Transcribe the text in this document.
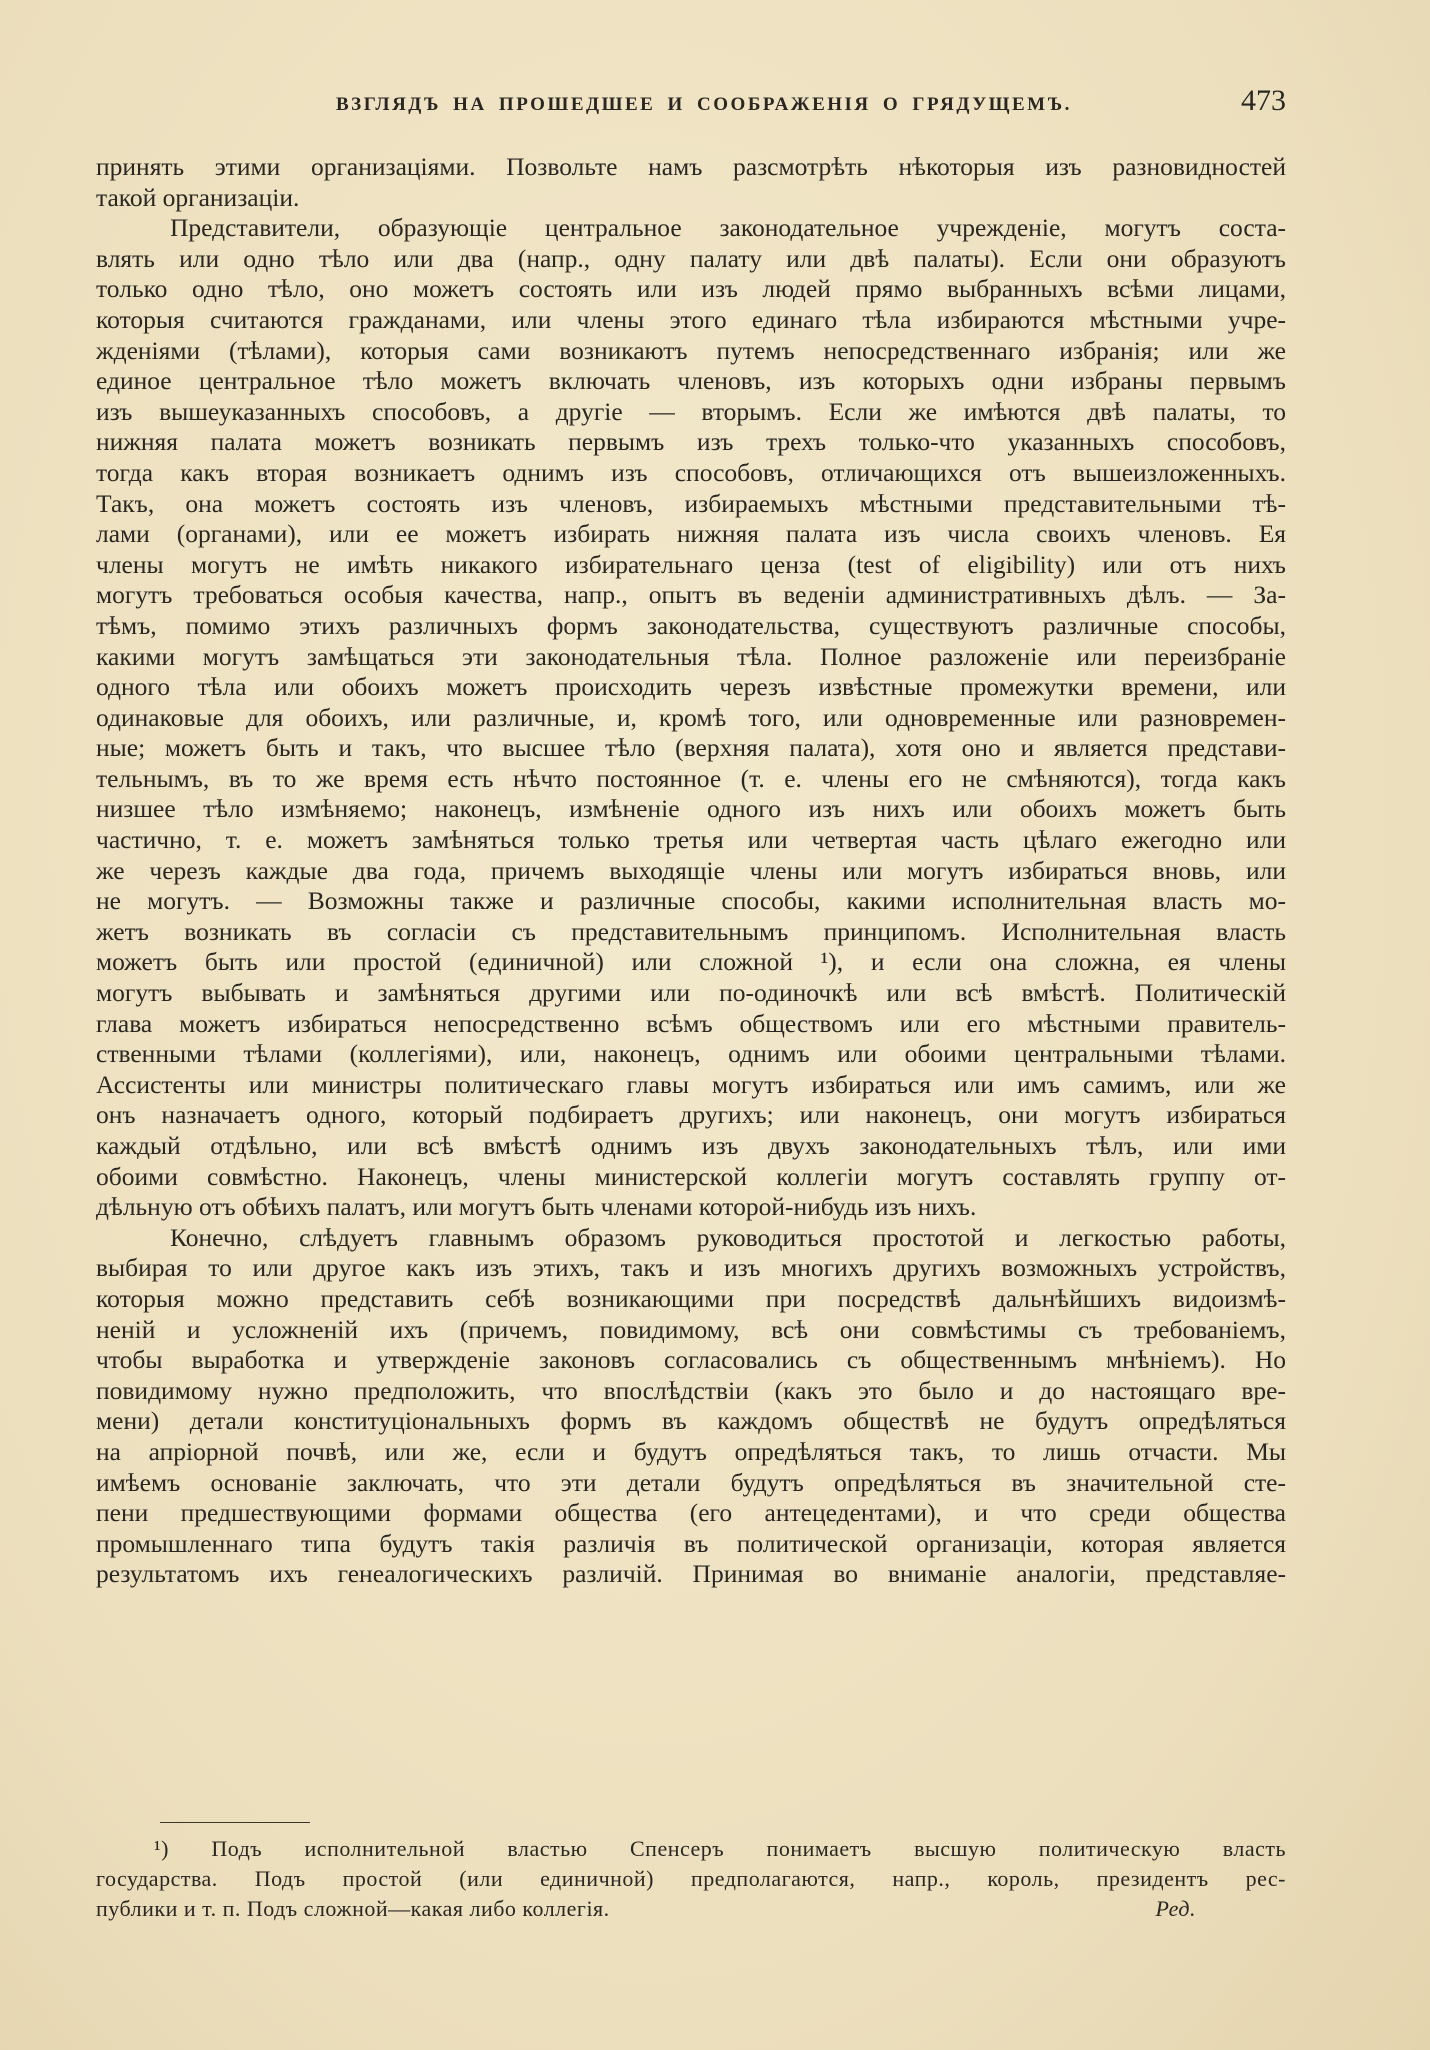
ВЗГЛЯДЪ НА ПРОШЕДШЕЕ И СООБРАЖЕНІЯ О ГРЯДУЩЕМЪ.	473
принять этими организаціями. Позвольте намъ разсмотрѣть нѣкоторыя изъ разновидностей
такой организаціи.
Представители, образующіе центральное законодательное учрежденіе, могутъ соста-
влять или одно тѣло или два (напр., одну палату или двѣ палаты). Если они образуютъ
только одно тѣло, оно можетъ состоять или изъ людей прямо выбранныхъ всѣми лицами,
которыя считаются гражданами, или члены этого единаго тѣла избираются мѣстными учре-
жденіями (тѣлами), которыя сами возникаютъ путемъ непосредственнаго избранія; или же
единое центральное тѣло можетъ включать членовъ, изъ которыхъ одни избраны первымъ
изъ вышеуказанныхъ способовъ, а другіе — вторымъ. Если же имѣются двѣ палаты, то
нижняя палата можетъ возникать первымъ изъ трехъ только-что указанныхъ способовъ,
тогда какъ вторая возникаетъ однимъ изъ способовъ, отличающихся отъ вышеизложенныхъ.
Такъ, она можетъ состоять изъ членовъ, избираемыхъ мѣстными представительными тѣ-
лами (органами), или ее можетъ избирать нижняя палата изъ числа своихъ членовъ. Ея
члены могутъ не имѣть никакого избирательнаго ценза (test of eligibility) или отъ нихъ
могутъ требоваться особыя качества, напр., опытъ въ веденіи административныхъ дѣлъ. — За-
тѣмъ, помимо этихъ различныхъ формъ законодательства, существуютъ различные способы,
какими могутъ замѣщаться эти законодательныя тѣла. Полное разложеніе или переизбраніе
одного тѣла или обоихъ можетъ происходить черезъ извѣстные промежутки времени, или
одинаковые для обоихъ, или различные, и, кромѣ того, или одновременные или разновремен-
ные; можетъ быть и такъ, что высшее тѣло (верхняя палата), хотя оно и является представи-
тельнымъ, въ то же время есть нѣчто постоянное (т. е. члены его не смѣняются), тогда какъ
низшее тѣло измѣняемо; наконецъ, измѣненіе одного изъ нихъ или обоихъ можетъ быть
частично, т. е. можетъ замѣняться только третья или четвертая часть цѣлаго ежегодно или
же черезъ каждые два года, причемъ выходящіе члены или могутъ избираться вновь, или
не могутъ. — Возможны также и различные способы, какими исполнительная власть мо-
жетъ возникать въ согласіи съ представительнымъ принципомъ. Исполнительная власть
можетъ быть или простой (единичной) или сложной ¹), и если она сложна, ея члены
могутъ выбывать и замѣняться другими или по-одиночкѣ или всѣ вмѣстѣ. Политическій
глава можетъ избираться непосредственно всѣмъ обществомъ или его мѣстными правитель-
ственными тѣлами (коллегіями), или, наконецъ, однимъ или обоими центральными тѣлами.
Ассистенты или министры политическаго главы могутъ избираться или имъ самимъ, или же
онъ назначаетъ одного, который подбираетъ другихъ; или наконецъ, они могутъ избираться
каждый отдѣльно, или всѣ вмѣстѣ однимъ изъ двухъ законодательныхъ тѣлъ, или ими
обоими совмѣстно. Наконецъ, члены министерской коллегіи могутъ составлять группу от-
дѣльную отъ обѣихъ палатъ, или могутъ быть членами которой-нибудь изъ нихъ.
Конечно, слѣдуетъ главнымъ образомъ руководиться простотой и легкостью работы,
выбирая то или другое какъ изъ этихъ, такъ и изъ многихъ другихъ возможныхъ устройствъ,
которыя можно представить себѣ возникающими при посредствѣ дальнѣйшихъ видоизмѣ-
неній и усложненій ихъ (причемъ, повидимому, всѣ они совмѣстимы съ требованіемъ,
чтобы выработка и утвержденіе законовъ согласовались съ общественнымъ мнѣніемъ). Но
повидимому нужно предположить, что впослѣдствіи (какъ это было и до настоящаго вре-
мени) детали конституціональныхъ формъ въ каждомъ обществѣ не будутъ опредѣляться
на апріорной почвѣ, или же, если и будутъ опредѣляться такъ, то лишь отчасти. Мы
имѣемъ основаніе заключать, что эти детали будутъ опредѣляться въ значительной сте-
пени предшествующими формами общества (его антецедентами), и что среди общества
промышленнаго типа будутъ такія различія въ политической организаціи, которая является
результатомъ ихъ генеалогическихъ различій. Принимая во вниманіе аналогіи, представляе-
¹) Подъ исполнительной властью Спенсеръ понимаетъ высшую политическую власть
государства. Подъ простой (или единичной) предполагаются, напр., король, президентъ рес-
публики и т. п. Подъ сложной—какая либо коллегія.	Ред.
